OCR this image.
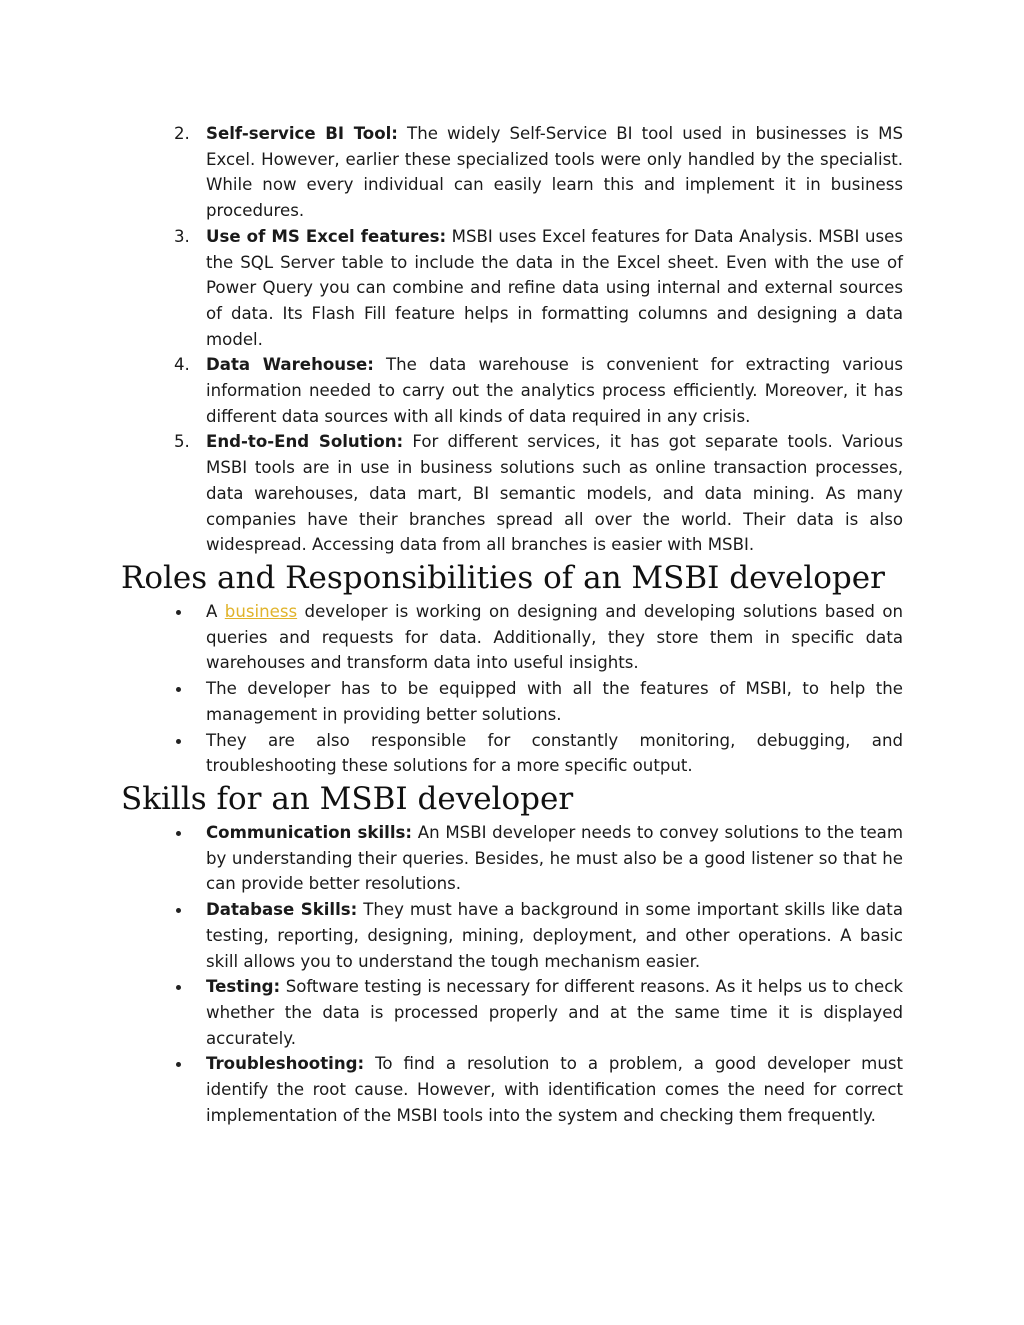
2. Self-service BI Tool: The widely Self-Service BI tool used in businesses is MS Excel. However, earlier these specialized tools were only handled by the specialist. While now every individual can easily learn this and implement it in business procedures.
3. Use of MS Excel features: MSBI uses Excel features for Data Analysis. MSBI uses the SQL Server table to include the data in the Excel sheet. Even with the use of Power Query you can combine and refine data using internal and external sources of data. Its Flash Fill feature helps in formatting columns and designing a data model.
4. Data Warehouse: The data warehouse is convenient for extracting various information needed to carry out the analytics process efficiently. Moreover, it has different data sources with all kinds of data required in any crisis.
5. End-to-End Solution: For different services, it has got separate tools. Various MSBI tools are in use in business solutions such as online transaction processes, data warehouses, data mart, BI semantic models, and data mining. As many companies have their branches spread all over the world. Their data is also widespread. Accessing data from all branches is easier with MSBI.
Roles and Responsibilities of an MSBI developer
A business developer is working on designing and developing solutions based on queries and requests for data. Additionally, they store them in specific data warehouses and transform data into useful insights.
The developer has to be equipped with all the features of MSBI, to help the management in providing better solutions.
They are also responsible for constantly monitoring, debugging, and troubleshooting these solutions for a more specific output.
Skills for an MSBI developer
Communication skills: An MSBI developer needs to convey solutions to the team by understanding their queries. Besides, he must also be a good listener so that he can provide better resolutions.
Database Skills: They must have a background in some important skills like data testing, reporting, designing, mining, deployment, and other operations. A basic skill allows you to understand the tough mechanism easier.
Testing: Software testing is necessary for different reasons. As it helps us to check whether the data is processed properly and at the same time it is displayed accurately.
Troubleshooting: To find a resolution to a problem, a good developer must identify the root cause. However, with identification comes the need for correct implementation of the MSBI tools into the system and checking them frequently.
